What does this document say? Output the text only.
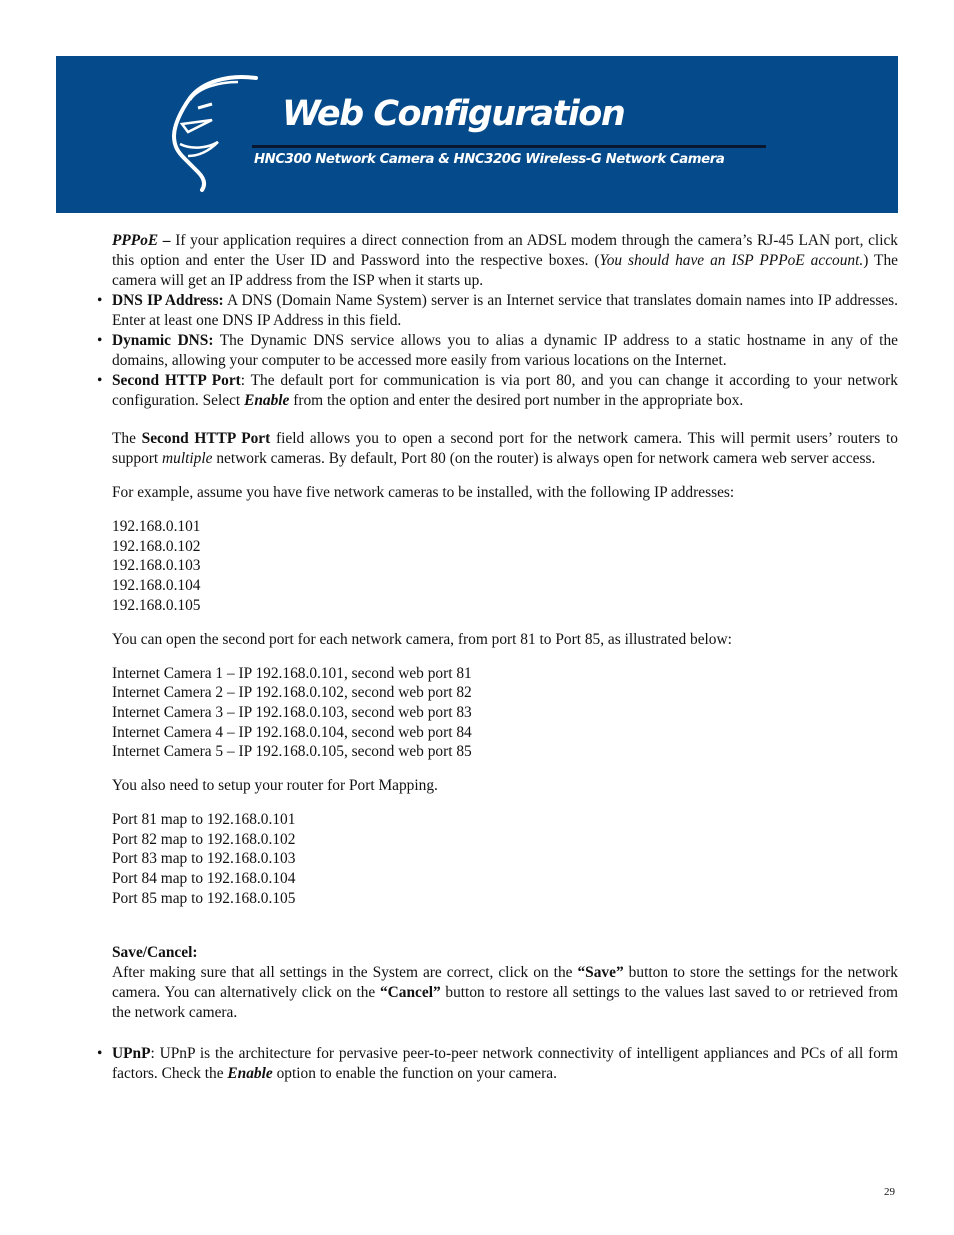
Web Configuration
HNC300 Network Camera & HNC320G Wireless-G Network Camera

PPPoE – If your application requires a direct connection from an ADSL modem through the camera’s RJ-45 LAN port, click this option and enter the User ID and Password into the respective boxes. (You should have an ISP PPPoE account.) The camera will get an IP address from the ISP when it starts up.

• DNS IP Address: A DNS (Domain Name System) server is an Internet service that translates domain names into IP addresses. Enter at least one DNS IP Address in this field.

• Dynamic DNS: The Dynamic DNS service allows you to alias a dynamic IP address to a static hostname in any of the domains, allowing your computer to be accessed more easily from various locations on the Internet.

• Second HTTP Port: The default port for communication is via port 80, and you can change it according to your network configuration. Select Enable from the option and enter the desired port number in the appropriate box.

The Second HTTP Port field allows you to open a second port for the network camera. This will permit users’ routers to support multiple network cameras. By default, Port 80 (on the router) is always open for network camera web server access.

For example, assume you have five network cameras to be installed, with the following IP addresses:

192.168.0.101
192.168.0.102
192.168.0.103
192.168.0.104
192.168.0.105

You can open the second port for each network camera, from port 81 to Port 85, as illustrated below:

Internet Camera 1 – IP 192.168.0.101, second web port 81
Internet Camera 2 – IP 192.168.0.102, second web port 82
Internet Camera 3 – IP 192.168.0.103, second web port 83
Internet Camera 4 – IP 192.168.0.104, second web port 84
Internet Camera 5 – IP 192.168.0.105, second web port 85

You also need to setup your router for Port Mapping.

Port 81 map to 192.168.0.101
Port 82 map to 192.168.0.102
Port 83 map to 192.168.0.103
Port 84 map to 192.168.0.104
Port 85 map to 192.168.0.105

Save/Cancel:

After making sure that all settings in the System are correct, click on the “Save” button to store the settings for the network camera. You can alternatively click on the “Cancel” button to restore all settings to the values last saved to or retrieved from the network camera.

• UPnP: UPnP is the architecture for pervasive peer-to-peer network connectivity of intelligent appliances and PCs of all form factors. Check the Enable option to enable the function on your camera.

29
